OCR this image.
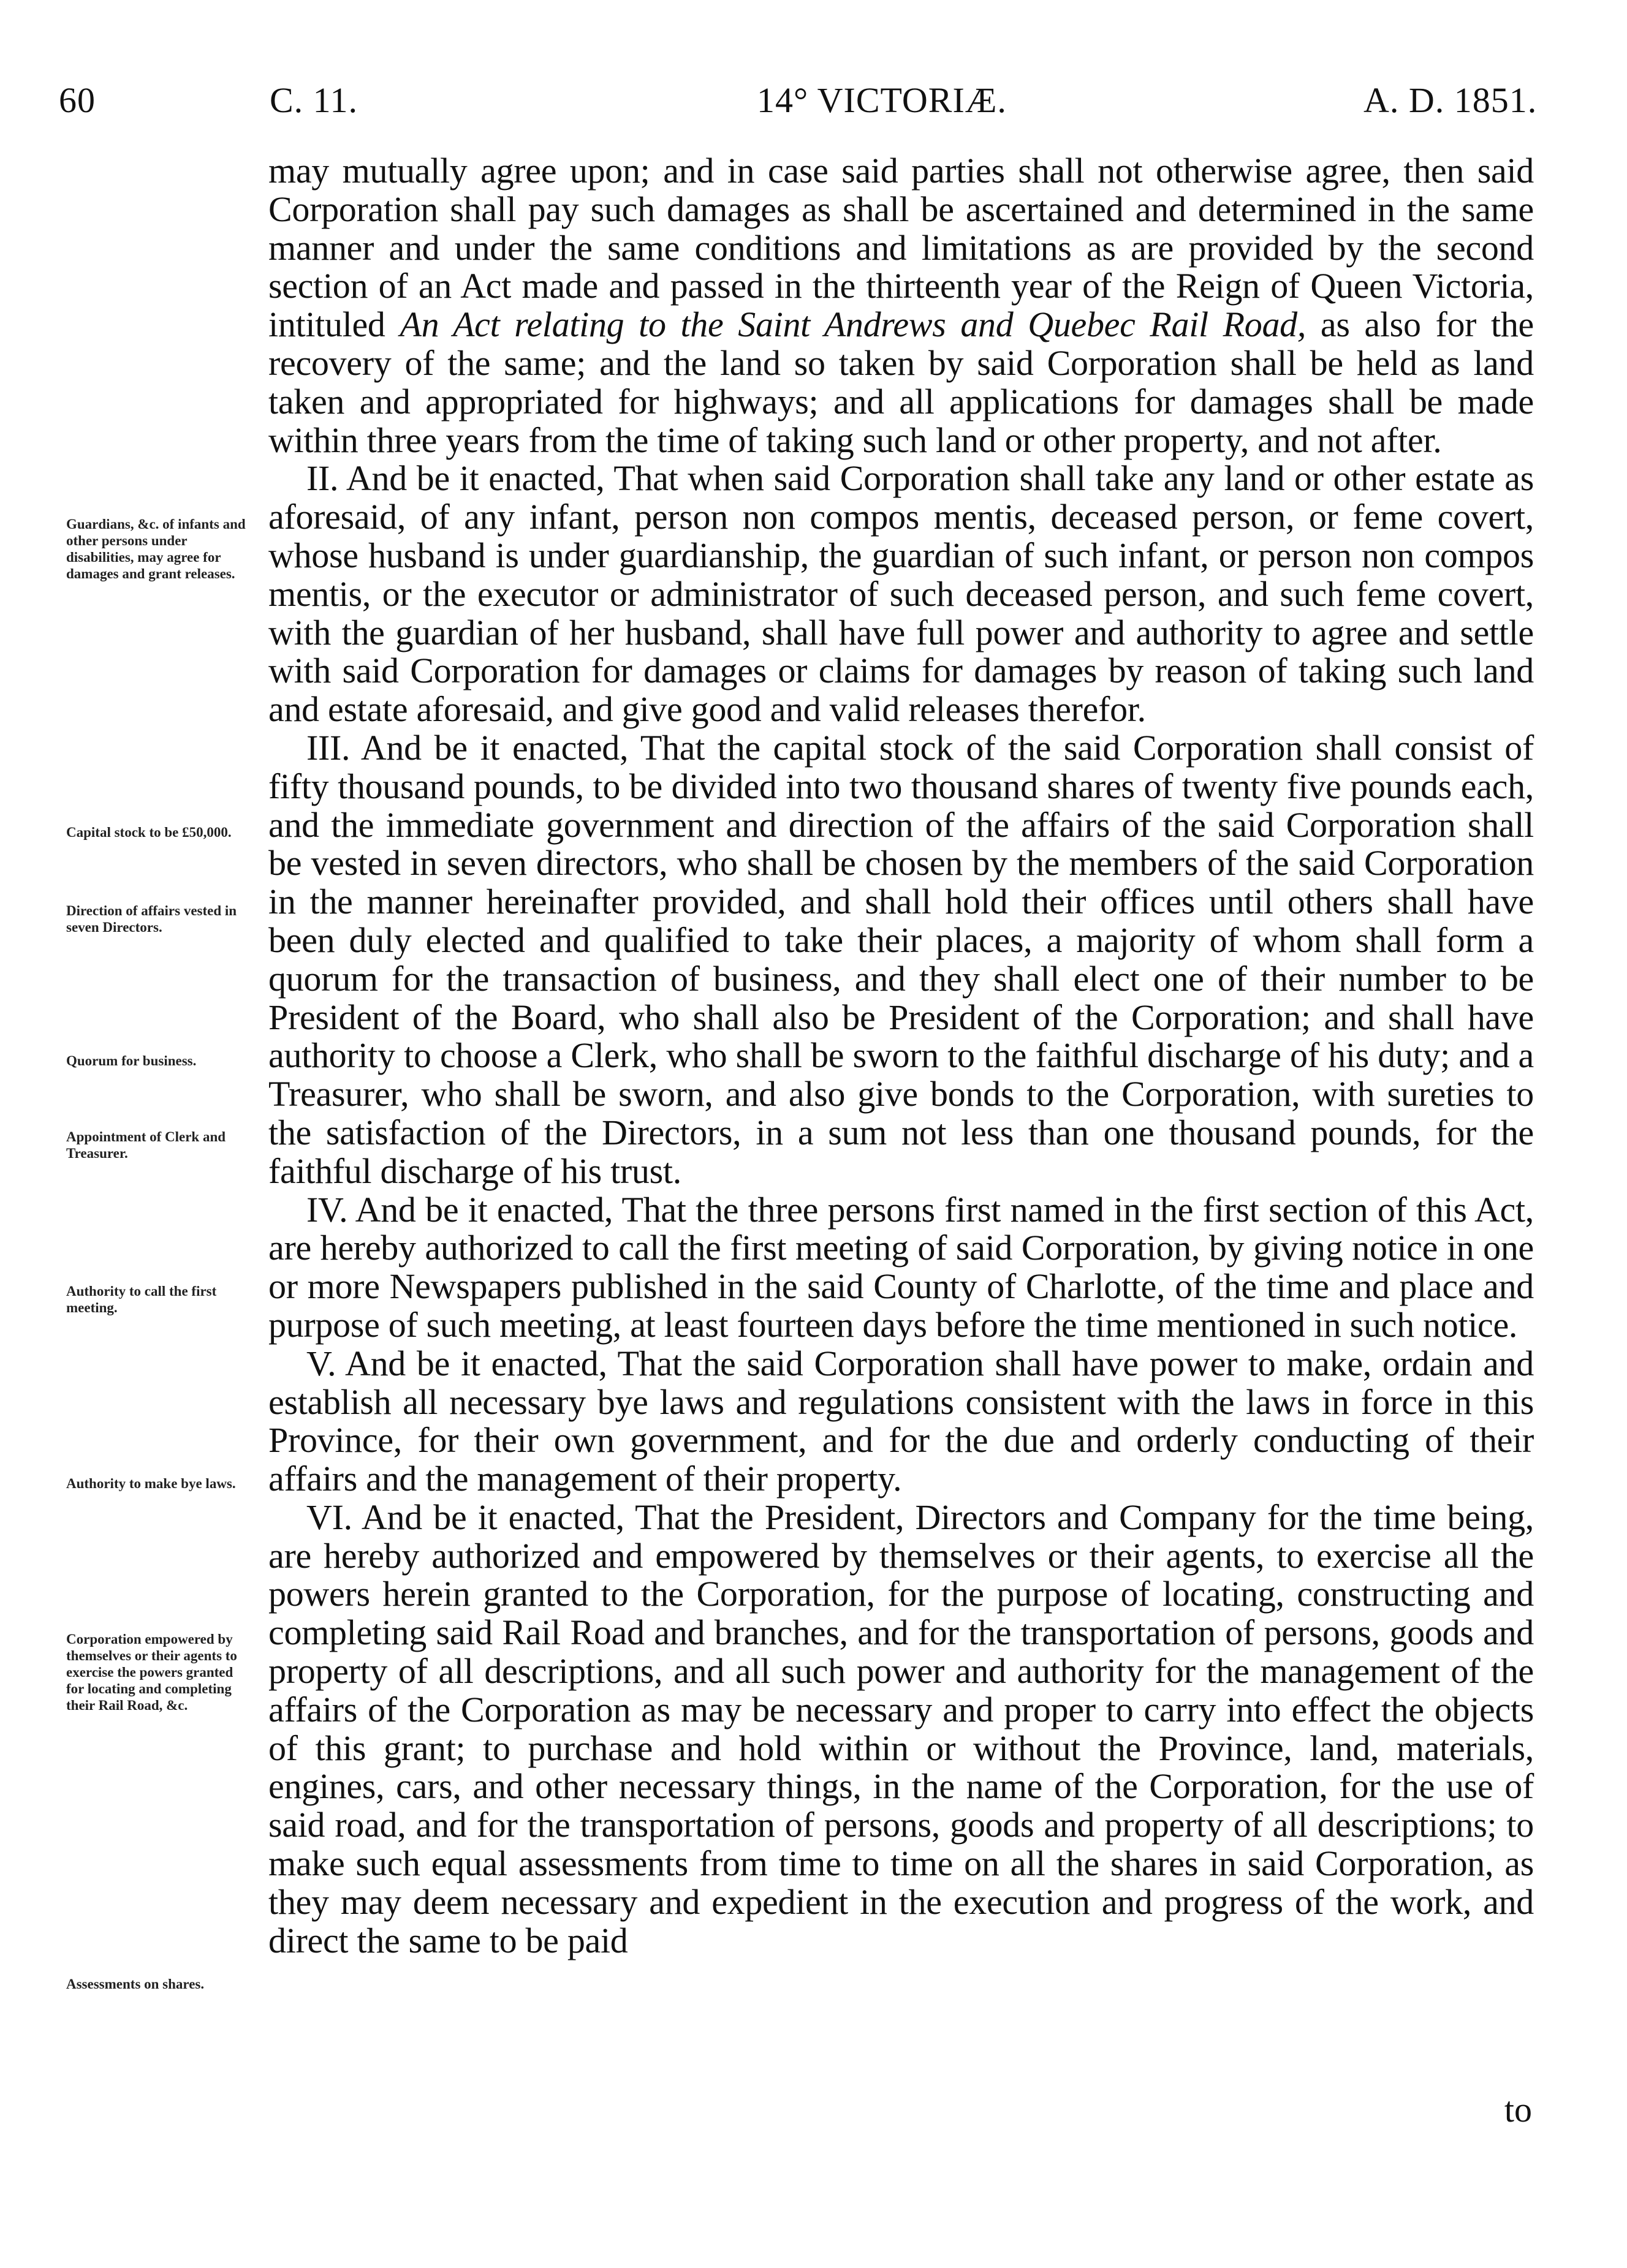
60	C. 11.	14° VICTORIÆ.	A. D. 1851.
Guardians, &c. of infants and other persons under disabilities, may agree for damages and grant releases.
Capital stock to be £50,000.
Direction of affairs vested in seven Directors.
Quorum for business.
Appointment of Clerk and Treasurer.
Authority to call the first meeting.
Authority to make bye laws.
Corporation empowered by themselves or their agents to exercise the powers granted for locating and completing their Rail Road, &c.
Assessments on shares.

may mutually agree upon; and in case said parties shall not otherwise agree, then said Corporation shall pay such damages as shall be ascertained and determined in the same manner and under the same conditions and limitations as are provided by the second section of an Act made and passed in the thirteenth year of the Reign of Queen Victoria, intituled An Act relating to the Saint Andrews and Quebec Rail Road, as also for the recovery of the same; and the land so taken by said Corporation shall be held as land taken and appropriated for highways; and all applications for damages shall be made within three years from the time of taking such land or other property, and not after.

II. And be it enacted, That when said Corporation shall take any land or other estate as aforesaid, of any infant, person non compos mentis, deceased person, or feme covert, whose husband is under guardianship, the guardian of such infant, or person non compos mentis, or the executor or administrator of such deceased person, and such feme covert, with the guardian of her husband, shall have full power and authority to agree and settle with said Corporation for damages or claims for damages by reason of taking such land and estate aforesaid, and give good and valid releases therefor.

III. And be it enacted, That the capital stock of the said Corporation shall consist of fifty thousand pounds, to be divided into two thousand shares of twenty five pounds each, and the immediate government and direction of the affairs of the said Corporation shall be vested in seven directors, who shall be chosen by the members of the said Corporation in the manner hereinafter provided, and shall hold their offices until others shall have been duly elected and qualified to take their places, a majority of whom shall form a quorum for the transaction of business, and they shall elect one of their number to be President of the Board, who shall also be President of the Corporation; and shall have authority to choose a Clerk, who shall be sworn to the faithful discharge of his duty; and a Treasurer, who shall be sworn, and also give bonds to the Corporation, with sureties to the satisfaction of the Directors, in a sum not less than one thousand pounds, for the faithful discharge of his trust.

IV. And be it enacted, That the three persons first named in the first section of this Act, are hereby authorized to call the first meeting of said Corporation, by giving notice in one or more Newspapers published in the said County of Charlotte, of the time and place and purpose of such meeting, at least fourteen days before the time mentioned in such notice.

V. And be it enacted, That the said Corporation shall have power to make, ordain and establish all necessary bye laws and regulations consistent with the laws in force in this Province, for their own government, and for the due and orderly conducting of their affairs and the management of their property.

VI. And be it enacted, That the President, Directors and Company for the time being, are hereby authorized and empowered by themselves or their agents, to exercise all the powers herein granted to the Corporation, for the purpose of locating, constructing and completing said Rail Road and branches, and for the transportation of persons, goods and property of all descriptions, and all such power and authority for the management of the affairs of the Corporation as may be necessary and proper to carry into effect the objects of this grant; to purchase and hold within or without the Province, land, materials, engines, cars, and other necessary things, in the name of the Corporation, for the use of said road, and for the transportation of persons, goods and property of all descriptions; to make such equal assessments from time to time on all the shares in said Corporation, as they may deem necessary and expedient in the execution and progress of the work, and direct the same to be paid

to
